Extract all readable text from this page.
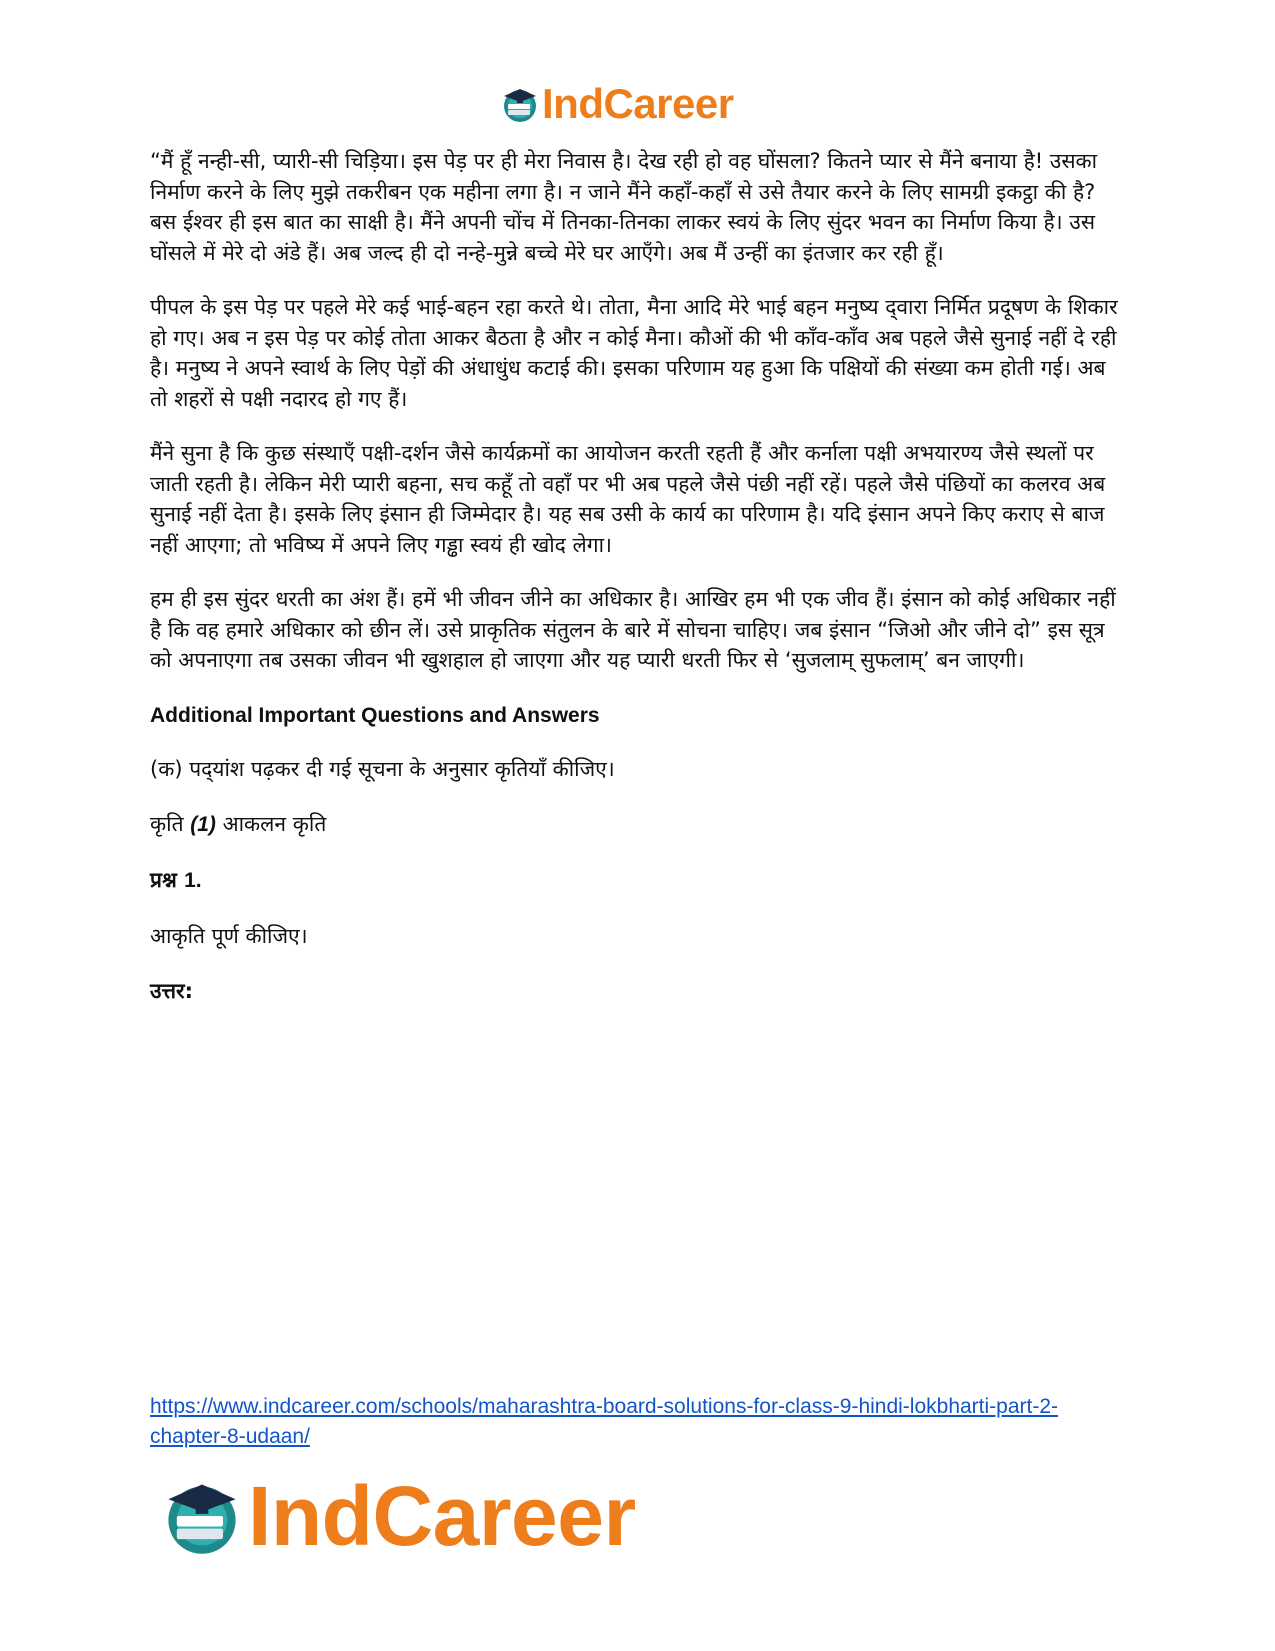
IndCareer

“मैं हूँ नन्ही-सी, प्यारी-सी चिड़िया। इस पेड़ पर ही मेरा निवास है। देख रही हो वह घोंसला? कितने प्यार से मैंने बनाया है! उसका निर्माण करने के लिए मुझे तकरीबन एक महीना लगा है। न जाने मैंने कहाँ-कहाँ से उसे तैयार करने के लिए सामग्री इकट्ठा की है? बस ईश्वर ही इस बात का साक्षी है। मैंने अपनी चोंच में तिनका-तिनका लाकर स्वयं के लिए सुंदर भवन का निर्माण किया है। उस घोंसले में मेरे दो अंडे हैं। अब जल्द ही दो नन्हे-मुन्ने बच्चे मेरे घर आएँगे। अब मैं उन्हीं का इंतजार कर रही हूँ।

पीपल के इस पेड़ पर पहले मेरे कई भाई-बहन रहा करते थे। तोता, मैना आदि मेरे भाई बहन मनुष्य द्‌वारा निर्मित प्रदूषण के शिकार हो गए। अब न इस पेड़ पर कोई तोता आकर बैठता है और न कोई मैना। कौओं की भी काँव-काँव अब पहले जैसे सुनाई नहीं दे रही है। मनुष्य ने अपने स्वार्थ के लिए पेड़ों की अंधाधुंध कटाई की। इसका परिणाम यह हुआ कि पक्षियों की संख्या कम होती गई। अब तो शहरों से पक्षी नदारद हो गए हैं।

मैंने सुना है कि कुछ संस्थाएँ पक्षी-दर्शन जैसे कार्यक्रमों का आयोजन करती रहती हैं और कर्नाला पक्षी अभयारण्य जैसे स्थलों पर जाती रहती है। लेकिन मेरी प्यारी बहना, सच कहूँ तो वहाँ पर भी अब पहले जैसे पंछी नहीं रहें। पहले जैसे पंछियों का कलरव अब सुनाई नहीं देता है। इसके लिए इंसान ही जिम्मेदार है। यह सब उसी के कार्य का परिणाम है। यदि इंसान अपने किए कराए से बाज नहीं आएगा; तो भविष्य में अपने लिए गड्ढा स्वयं ही खोद लेगा।

हम ही इस सुंदर धरती का अंश हैं। हमें भी जीवन जीने का अधिकार है। आखिर हम भी एक जीव हैं। इंसान को कोई अधिकार नहीं है कि वह हमारे अधिकार को छीन लें। उसे प्राकृतिक संतुलन के बारे में सोचना चाहिए। जब इंसान “जिओ और जीने दो” इस सूत्र को अपनाएगा तब उसका जीवन भी खुशहाल हो जाएगा और यह प्यारी धरती फिर से ‘सुजलाम् सुफलाम्’ बन जाएगी।

Additional Important Questions and Answers
(क) पद्‌यांश पढ़कर दी गई सूचना के अनुसार कृतियाँ कीजिए।
कृति (1) आकलन कृति
प्रश्न 1.
आकृति पूर्ण कीजिए।
उत्तर:
https://www.indcareer.com/schools/maharashtra-board-solutions-for-class-9-hindi-lokbharti-part-2-chapter-8-udaan/
IndCareer
